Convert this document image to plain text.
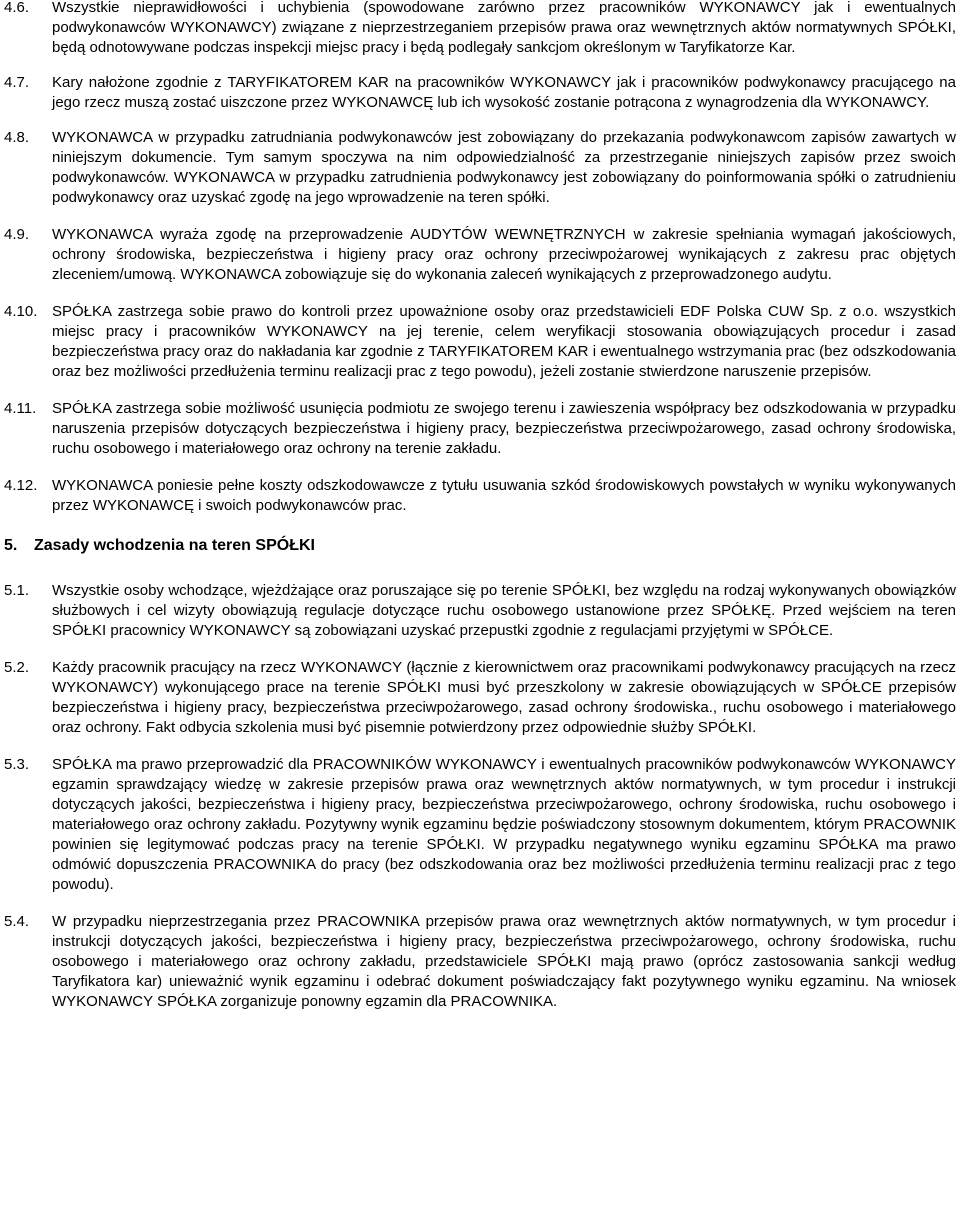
4.6.	Wszystkie nieprawidłowości i uchybienia (spowodowane zarówno przez pracowników WYKONAWCY jak i ewentualnych podwykonawców WYKONAWCY) związane z nieprzestrzeganiem przepisów prawa oraz wewnętrznych aktów normatywnych SPÓŁKI, będą odnotowywane podczas inspekcji miejsc pracy i będą podlegały sankcjom określonym w Taryfikatorze Kar.
4.7.	Kary nałożone zgodnie z TARYFIKATOREM KAR na pracowników WYKONAWCY jak i pracowników podwykonawcy pracującego na jego rzecz muszą zostać uiszczone przez WYKONAWCĘ lub ich wysokość zostanie potrącona z wynagrodzenia dla WYKONAWCY.
4.8.	WYKONAWCA w przypadku zatrudniania podwykonawców jest zobowiązany do przekazania podwykonawcom zapisów zawartych w niniejszym dokumencie. Tym samym spoczywa na nim odpowiedzialność za przestrzeganie niniejszych zapisów przez swoich podwykonawców. WYKONAWCA w przypadku zatrudnienia podwykonawcy jest zobowiązany do poinformowania spółki o zatrudnieniu podwykonawcy oraz uzyskać zgodę na jego wprowadzenie na teren spółki.
4.9.	WYKONAWCA wyraża zgodę na przeprowadzenie AUDYTÓW WEWNĘTRZNYCH w zakresie spełniania wymagań jakościowych, ochrony środowiska, bezpieczeństwa i higieny pracy oraz ochrony przeciwpożarowej wynikających z zakresu prac objętych zleceniem/umową. WYKONAWCA zobowiązuje się do wykonania zaleceń wynikających z przeprowadzonego audytu.
4.10. SPÓŁKA zastrzega sobie prawo do kontroli przez upoważnione osoby oraz przedstawicieli EDF Polska CUW Sp. z o.o. wszystkich miejsc pracy i pracowników WYKONAWCY na jej terenie, celem weryfikacji stosowania obowiązujących procedur i zasad bezpieczeństwa pracy oraz do nakładania kar zgodnie z TARYFIKATOREM KAR i ewentualnego wstrzymania prac (bez odszkodowania oraz bez możliwości przedłużenia terminu realizacji prac z tego powodu), jeżeli zostanie stwierdzone naruszenie przepisów.
4.11.	SPÓŁKA zastrzega sobie możliwość usunięcia podmiotu ze swojego terenu i zawieszenia współpracy bez odszkodowania w przypadku naruszenia przepisów dotyczących bezpieczeństwa i higieny pracy, bezpieczeństwa przeciwpożarowego, zasad ochrony środowiska, ruchu osobowego i materiałowego oraz ochrony na terenie zakładu.
4.12. WYKONAWCA poniesie pełne koszty odszkodowawcze z tytułu usuwania szkód środowiskowych powstałych w wyniku wykonywanych przez WYKONAWCĘ i swoich podwykonawców prac.
5.	Zasady wchodzenia na teren SPÓŁKI
5.1.	Wszystkie osoby wchodzące, wjeżdżające oraz poruszające się po terenie SPÓŁKI, bez względu na rodzaj wykonywanych obowiązków służbowych i cel wizyty obowiązują regulacje dotyczące ruchu osobowego ustanowione przez SPÓŁKĘ. Przed wejściem na teren SPÓŁKI pracownicy WYKONAWCY są zobowiązani uzyskać przepustki zgodnie z regulacjami przyjętymi w SPÓŁCE.
5.2.	Każdy pracownik pracujący na rzecz WYKONAWCY (łącznie z kierownictwem oraz pracownikami podwykonawcy pracujących na rzecz WYKONAWCY) wykonującego prace na terenie SPÓŁKI musi być przeszkolony w zakresie obowiązujących w SPÓŁCE przepisów bezpieczeństwa i higieny pracy, bezpieczeństwa przeciwpożarowego, zasad ochrony środowiska., ruchu osobowego i materiałowego oraz ochrony. Fakt odbycia szkolenia musi być pisemnie potwierdzony przez odpowiednie służby SPÓŁKI.
5.3.	SPÓŁKA ma prawo przeprowadzić dla PRACOWNIKÓW WYKONAWCY i ewentualnych pracowników podwykonawców WYKONAWCY egzamin sprawdzający wiedzę w zakresie przepisów prawa oraz wewnętrznych aktów normatywnych, w tym procedur i instrukcji dotyczących jakości, bezpieczeństwa i higieny pracy, bezpieczeństwa przeciwpożarowego, ochrony środowiska, ruchu osobowego i materiałowego oraz ochrony zakładu. Pozytywny wynik egzaminu będzie poświadczony stosownym dokumentem, którym PRACOWNIK powinien się legitymować podczas pracy na terenie SPÓŁKI. W przypadku negatywnego wyniku egzaminu SPÓŁKA ma prawo odmówić dopuszczenia PRACOWNIKA do pracy (bez odszkodowania oraz bez możliwości przedłużenia terminu realizacji prac z tego powodu).
5.4.	W przypadku nieprzestrzegania przez PRACOWNIKA przepisów prawa oraz wewnętrznych aktów normatywnych, w tym procedur i instrukcji dotyczących jakości, bezpieczeństwa i higieny pracy, bezpieczeństwa przeciwpożarowego, ochrony środowiska, ruchu osobowego i materiałowego oraz ochrony zakładu, przedstawiciele SPÓŁKI mają prawo (oprócz zastosowania sankcji według Taryfikatora kar) unieważnić wynik egzaminu i odebrać dokument poświadczający fakt pozytywnego wyniku egzaminu. Na wniosek WYKONAWCY SPÓŁKA zorganizuje ponowny egzamin dla PRACOWNIKA.
